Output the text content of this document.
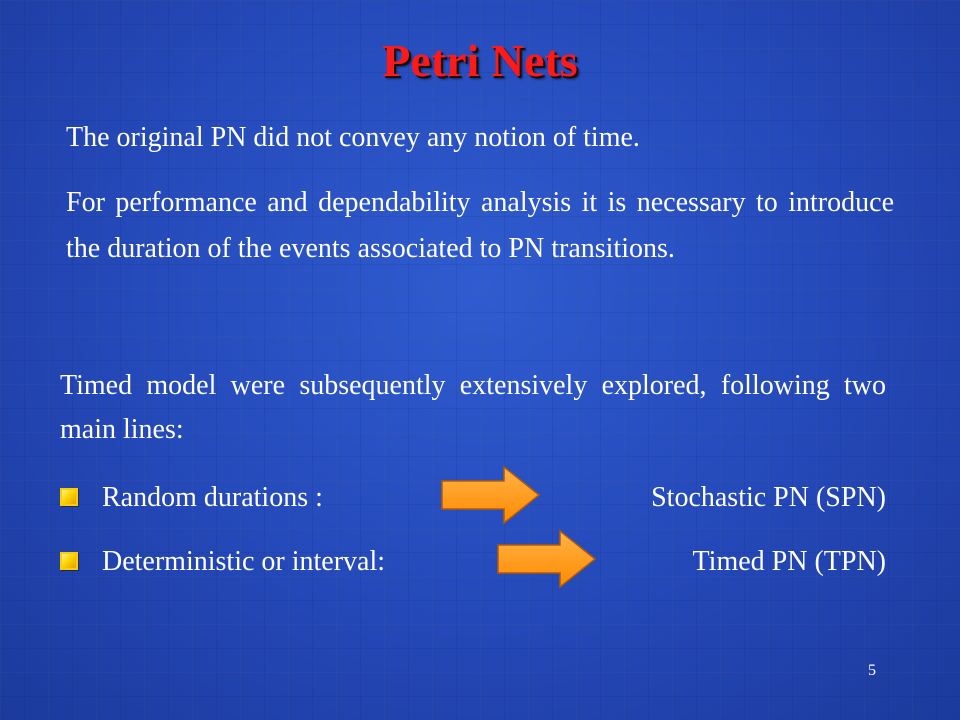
Petri Nets
The original PN did not convey any notion of time.
For performance and dependability analysis it is necessary to introduce the duration of the events associated to PN transitions.
Timed model were subsequently extensively explored, following two main lines:
Random durations :	Stochastic PN (SPN)
Deterministic or interval:	Timed PN (TPN)
5
